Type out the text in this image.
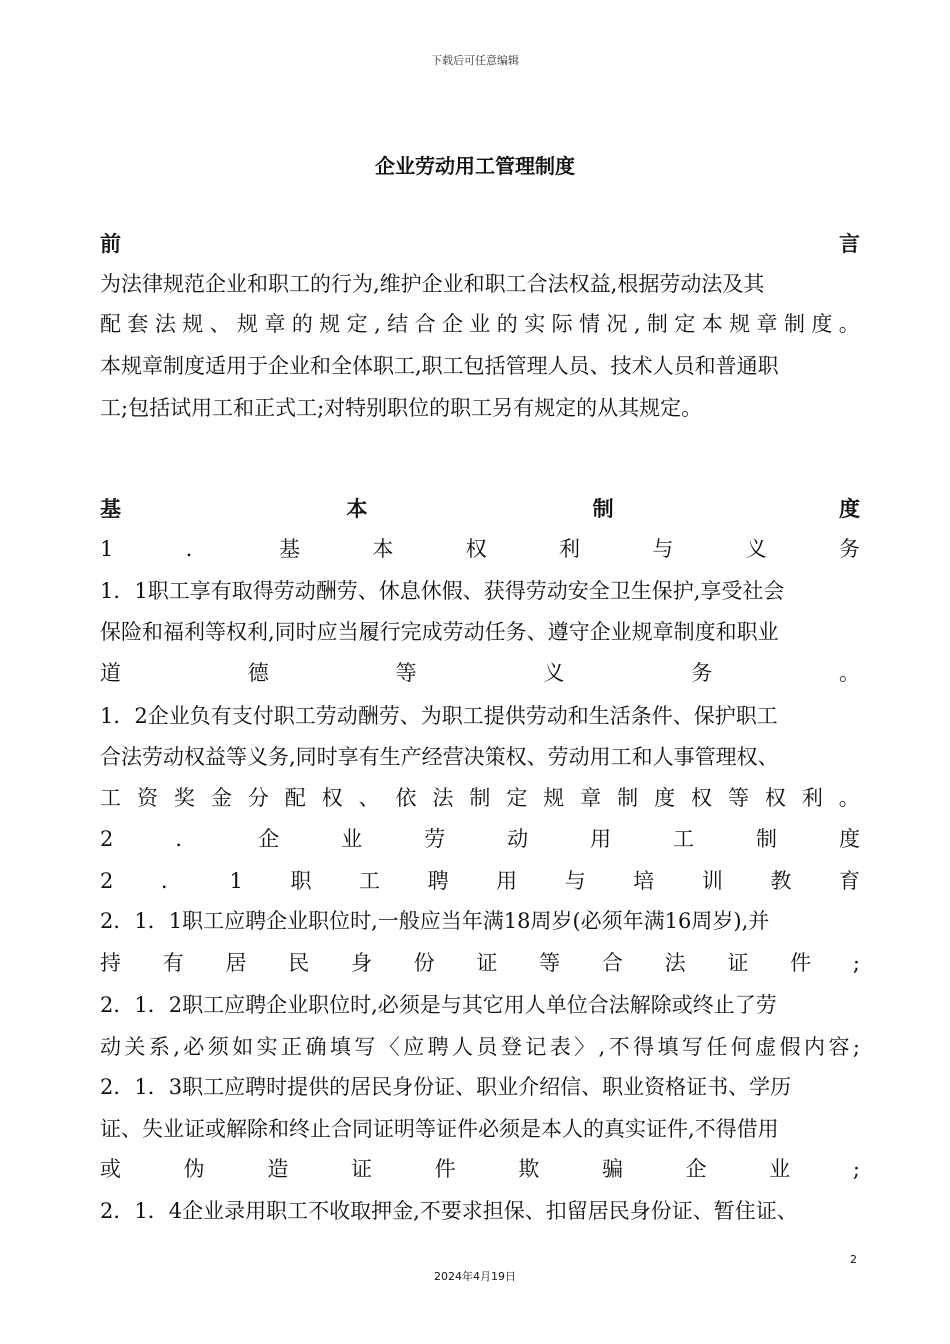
下载后可任意编辑
企业劳动用工管理制度
前	言
为法律规范企业和职工的行为,维护企业和职工合法权益,根据劳动法及其
配 套 法 规 、 规 章 的 规 定 , 结 合 企 业 的 实 际 情 况 , 制 定 本 规 章 制 度 。
本规章制度适用于企业和全体职工,职工包括管理人员、技术人员和普通职
工;包括试用工和正式工;对特别职位的职工另有规定的从其规定。
基	本	制	度
1	．	基	本	权	利	与	义	务
1．1职工享有取得劳动酬劳、休息休假、获得劳动安全卫生保护,享受社会
保险和福利等权利,同时应当履行完成劳动任务、遵守企业规章制度和职业
道	德	等	义	务	。
1．2企业负有支付职工劳动酬劳、为职工提供劳动和生活条件、保护职工
合法劳动权益等义务,同时享有生产经营决策权、劳动用工和人事管理权、
工 资 奖 金 分 配 权 、 依 法 制 定 规 章 制 度 权 等 权 利 。
2	．	企	业	劳	动	用	工	制	度
2 ． 1 职 工 聘 用 与 培 训 教 育
2．1．1职工应聘企业职位时,一般应当年满18周岁(必须年满16周岁),并
持 有 居 民 身 份 证 等 合 法 证 件 ;
2．1．2职工应聘企业职位时,必须是与其它用人单位合法解除或终止了劳
动 关 系 , 必 须 如 实 正 确 填 写 〈 应 聘 人 员 登 记 表 〉 , 不 得 填 写 任 何 虚 假 内 容 ;
2．1．3职工应聘时提供的居民身份证、职业介绍信、职业资格证书、学历
证、失业证或解除和终止合同证明等证件必须是本人的真实证件,不得借用
或	伪	造	证	件	欺	骗	企	业	;
2．1．4企业录用职工不收取押金,不要求担保、扣留居民身份证、暂住证、
2
2024年4月19日
